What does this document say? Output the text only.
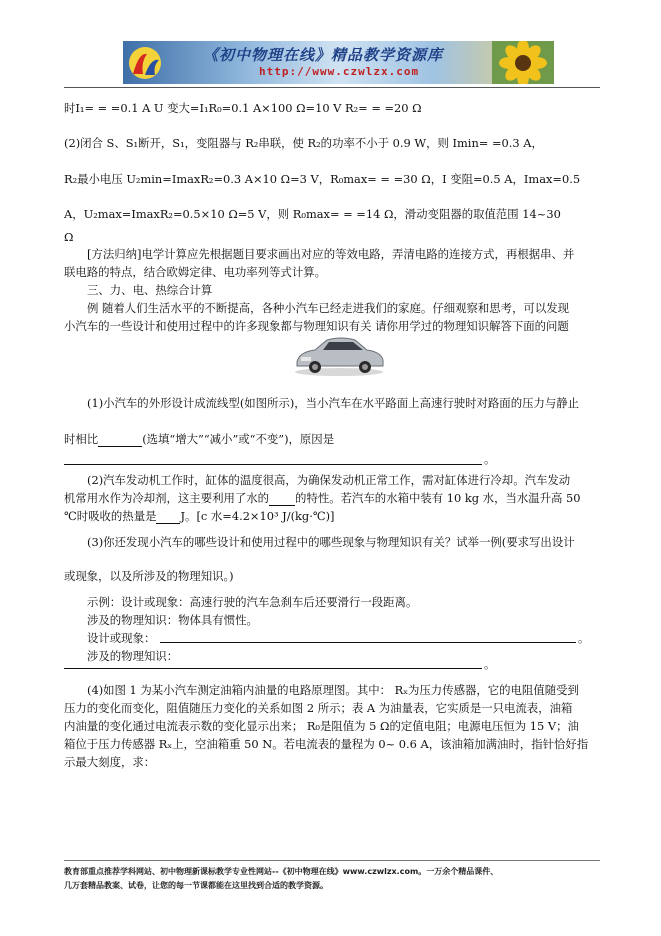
《初中物理在线》精品教学资源库
http://www.czwlzx.com
时I₁= = =0.1 A U 变大=I₁R₀=0.1 A×100 Ω=10 V R₂= = =20 Ω
(2)闭合 S、S₁断开，S₁，变阻器与 R₂串联，使 R₂的功率不小于 0.9 W，则 Imin= =0.3 A，
R₂最小电压 U₂min=ImaxR₂=0.3 A×10 Ω=3 V，R₀max= = =30 Ω，I 变阻=0.5 A，Imax=0.5
A，U₂max=ImaxR₂=0.5×10 Ω=5 V，则 R₀max= = =14 Ω，滑动变阻器的取值范围 14~30
Ω
[方法归纳]电学计算应先根据题目要求画出对应的等效电路，弄清电路的连接方式，再根据串、并
联电路的特点，结合欧姆定律、电功率列等式计算。
三、力、电、热综合计算
例 随着人们生活水平的不断提高，各种小汽车已经走进我们的家庭。仔细观察和思考，可以发现
小汽车的一些设计和使用过程中的许多现象都与物理知识有关 请你用学过的物理知识解答下面的问题
(1)小汽车的外形设计成流线型(如图所示)，当小汽车在水平路面上高速行驶时对路面的压力与静止
时相比	(选填“增大”“减小”或“不变”)，原因是
。
(2)汽车发动机工作时，缸体的温度很高，为确保发动机正常工作，需对缸体进行冷却。汽车发动
机常用水作为冷却剂，这主要利用了水的 的特性。若汽车的水箱中装有 10 kg 水，当水温升高 50
℃时吸收的热量是 J。[c 水=4.2×10³ J/(kg·℃)]
(3)你还发现小汽车的哪些设计和使用过程中的哪些现象与物理知识有关？试举一例(要求写出设计
或现象，以及所涉及的物理知识。)
示例：设计或现象：高速行驶的汽车急刹车后还要滑行一段距离。
涉及的物理知识：物体具有惯性。
设计或现象：	。
涉及的物理知识：
。
(4)如图 1 为某小汽车测定油箱内油量的电路原理图。其中： Rₓ为压力传感器，它的电阻值随受到
压力的变化而变化，阻值随压力变化的关系如图 2 所示；表 A 为油量表，它实质是一只电流表，油箱
内油量的变化通过电流表示数的变化显示出来； R₀是阻值为 5 Ω的定值电阻；电源电压恒为 15 V；油
箱位于压力传感器 Rₓ上，空油箱重 50 N。若电流表的量程为 0~ 0.6 A，该油箱加满油时，指针恰好指
示最大刻度，求：
教育部重点推荐学科网站、初中物理新课标教学专业性网站--《初中物理在线》www.czwlzx.com。一万余个精品课件、
几万套精品教案、试卷，让您的每一节课都能在这里找到合适的教学资源。
